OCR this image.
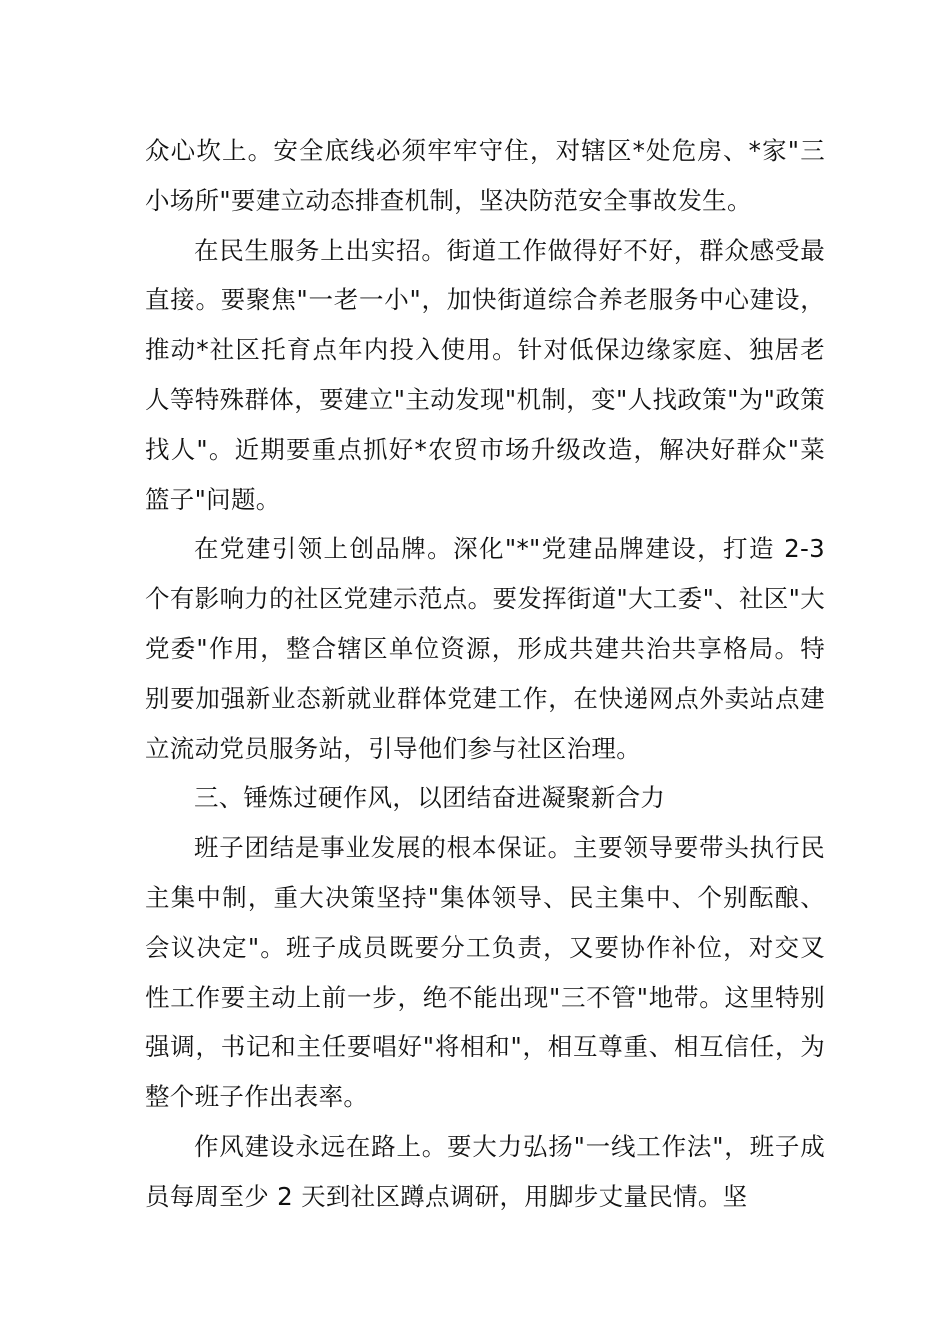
众心坎上。安全底线必须牢牢守住，对辖区*处危房、*家"三小场所"要建立动态排查机制，坚决防范安全事故发生。

在民生服务上出实招。街道工作做得好不好，群众感受最直接。要聚焦"一老一小"，加快街道综合养老服务中心建设，推动*社区托育点年内投入使用。针对低保边缘家庭、独居老人等特殊群体，要建立"主动发现"机制，变"人找政策"为"政策找人"。近期要重点抓好*农贸市场升级改造，解决好群众"菜篮子"问题。

在党建引领上创品牌。深化"*"党建品牌建设，打造 2-3 个有影响力的社区党建示范点。要发挥街道"大工委"、社区"大党委"作用，整合辖区单位资源，形成共建共治共享格局。特别要加强新业态新就业群体党建工作，在快递网点外卖站点建立流动党员服务站，引导他们参与社区治理。

三、锤炼过硬作风，以团结奋进凝聚新合力

班子团结是事业发展的根本保证。主要领导要带头执行民主集中制，重大决策坚持"集体领导、民主集中、个别酝酿、会议决定"。班子成员既要分工负责，又要协作补位，对交叉性工作要主动上前一步，绝不能出现"三不管"地带。这里特别强调，书记和主任要唱好"将相和"，相互尊重、相互信任，为整个班子作出表率。

作风建设永远在路上。要大力弘扬"一线工作法"，班子成员每周至少 2 天到社区蹲点调研，用脚步丈量民情。坚
